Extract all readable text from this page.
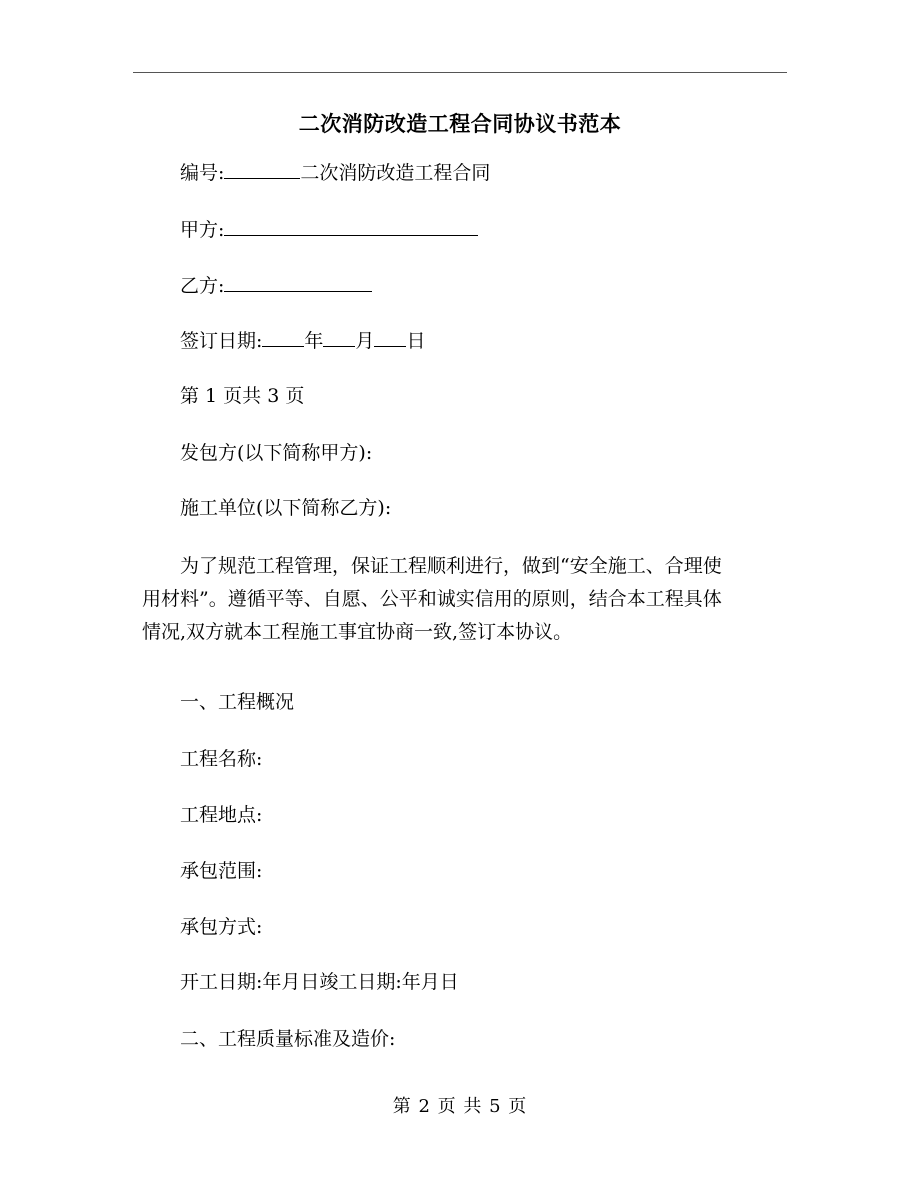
二次消防改造工程合同协议书范本
编号:	二次消防改造工程合同
甲方:
乙方:
签订日期: 年 月 日
第 1 页共 3 页
发包方(以下简称甲方):
施工单位(以下简称乙方):
为了规范工程管理，保证工程顺利进行，做到“安全施工、合理使
用材料”。遵循平等、自愿、公平和诚实信用的原则，结合本工程具体
情况,双方就本工程施工事宜协商一致,签订本协议。
一、工程概况
工程名称:
工程地点:
承包范围:
承包方式:
开工日期:年月日竣工日期:年月日
二、工程质量标准及造价:
第 2 页 共 5 页
